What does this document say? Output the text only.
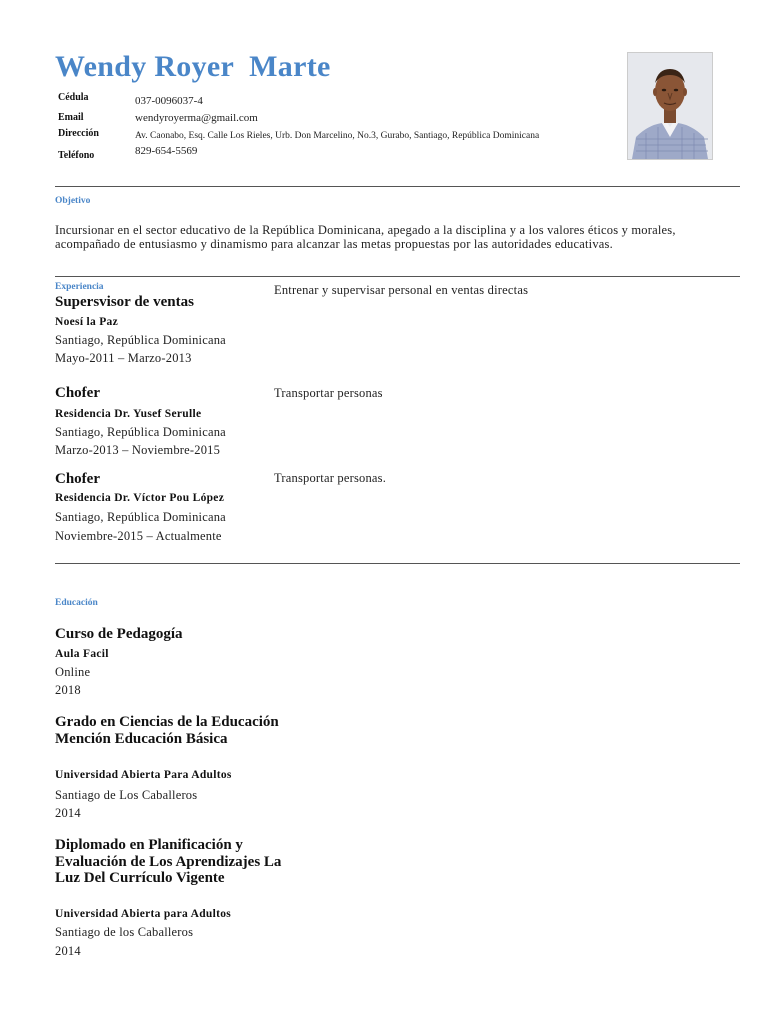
Wendy Royer  Marte
Cédula	037-0096037-4
Email	wendyroyerma@gmail.com
Dirección	Av. Caonabo, Esq. Calle Los Rieles, Urb. Don Marcelino, No.3, Gurabo, Santiago, República Dominicana
Teléfono	829-654-5569
Objetivo
Incursionar en el sector educativo de la República Dominicana, apegado a la disciplina y a los valores éticos y morales, acompañado de entusiasmo y dinamismo para alcanzar las metas propuestas por las autoridades educativas.
Experiencia
Supersvisor de ventas
Noesí la Paz
Santiago, República Dominicana
Mayo-2011 – Marzo-2013
Entrenar y supervisar personal en ventas directas
Chofer
Residencia Dr. Yusef Serulle
Santiago, República Dominicana
Marzo-2013 – Noviembre-2015
Transportar personas
Chofer
Residencia Dr. Víctor Pou López
Santiago, República Dominicana
Noviembre-2015 – Actualmente
Transportar personas.
Educación
Curso de Pedagogía
Aula Facil
Online
2018
Grado en Ciencias de la Educación Mención Educación Básica
Universidad Abierta Para Adultos
Santiago de Los Caballeros
2014
Diplomado en Planificación y Evaluación de Los Aprendizajes La Luz Del Currículo Vigente
Universidad Abierta para Adultos
Santiago de los Caballeros
2014
